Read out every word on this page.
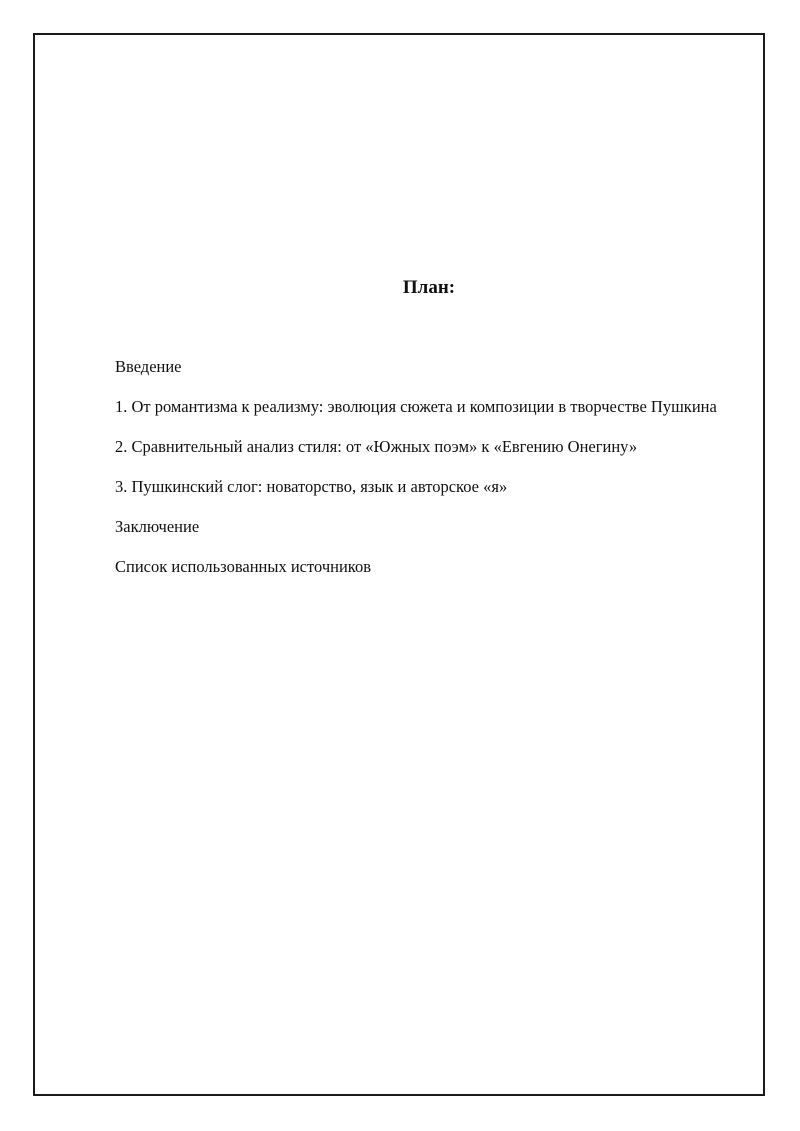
План:
Введение
1. От романтизма к реализму: эволюция сюжета и композиции в творчестве Пушкина
2. Сравнительный анализ стиля: от «Южных поэм» к «Евгению Онегину»
3. Пушкинский слог: новаторство, язык и авторское «я»
Заключение
Список использованных источников
